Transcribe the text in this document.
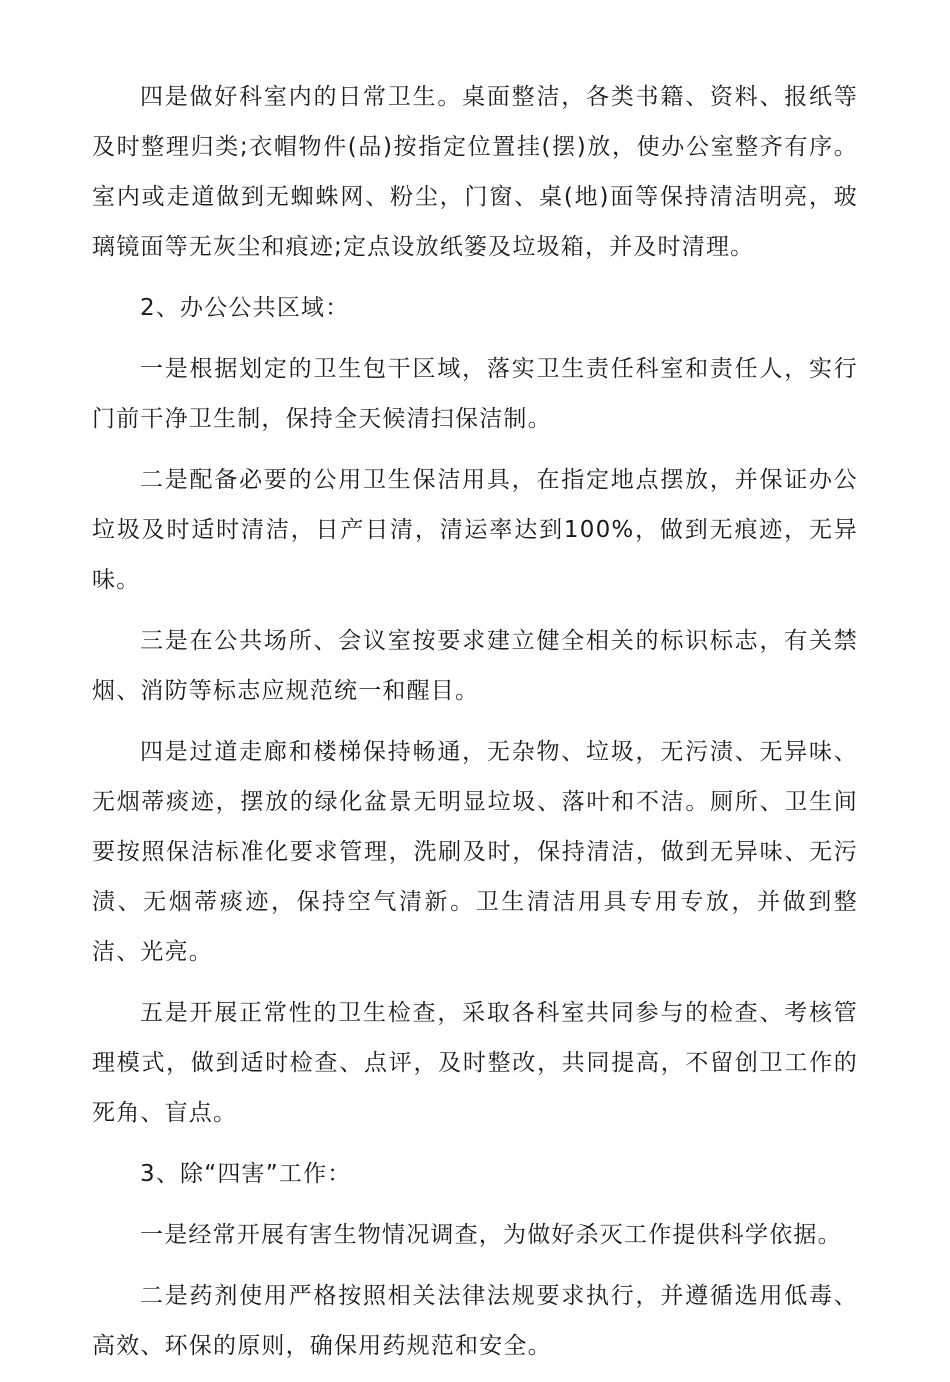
四是做好科室内的日常卫生。桌面整洁，各类书籍、资料、报纸等及时整理归类;衣帽物件(品)按指定位置挂(摆)放，使办公室整齐有序。室内或走道做到无蜘蛛网、粉尘，门窗、桌(地)面等保持清洁明亮，玻璃镜面等无灰尘和痕迹;定点设放纸篓及垃圾箱，并及时清理。

2、办公公共区域：

一是根据划定的卫生包干区域，落实卫生责任科室和责任人，实行门前干净卫生制，保持全天候清扫保洁制。

二是配备必要的公用卫生保洁用具，在指定地点摆放，并保证办公垃圾及时适时清洁，日产日清，清运率达到100%，做到无痕迹，无异味。

三是在公共场所、会议室按要求建立健全相关的标识标志，有关禁烟、消防等标志应规范统一和醒目。

四是过道走廊和楼梯保持畅通，无杂物、垃圾，无污渍、无异味、无烟蒂痰迹，摆放的绿化盆景无明显垃圾、落叶和不洁。厕所、卫生间要按照保洁标准化要求管理，洗刷及时，保持清洁，做到无异味、无污渍、无烟蒂痰迹，保持空气清新。卫生清洁用具专用专放，并做到整洁、光亮。

五是开展正常性的卫生检查，采取各科室共同参与的检查、考核管理模式，做到适时检查、点评，及时整改，共同提高，不留创卫工作的死角、盲点。

3、除“四害”工作：

一是经常开展有害生物情况调查，为做好杀灭工作提供科学依据。

二是药剂使用严格按照相关法律法规要求执行，并遵循选用低毒、高效、环保的原则，确保用药规范和安全。
